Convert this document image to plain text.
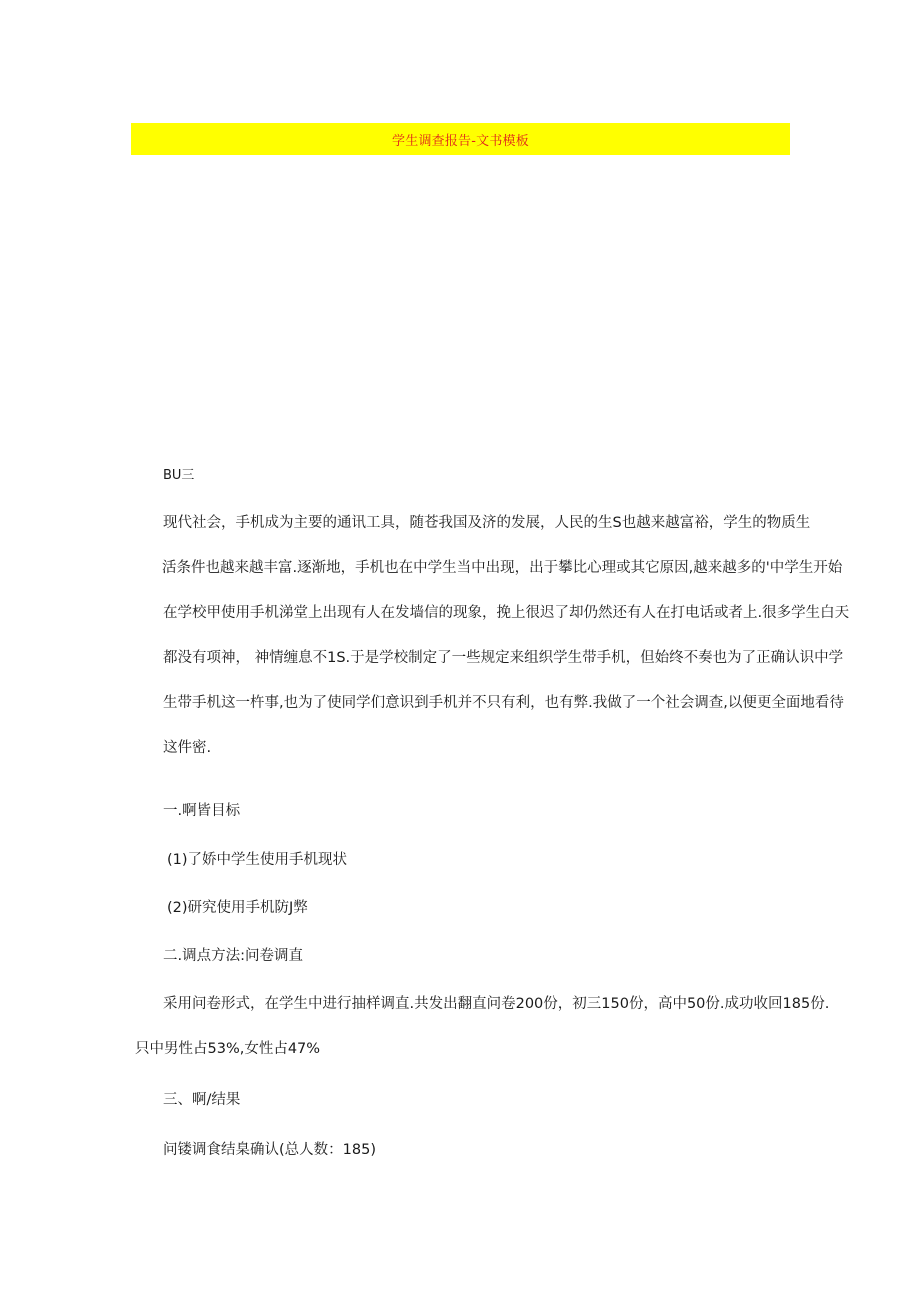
学生调查报告-文书模板
BU三
现代社会，手机成为主要的通讯工具，随苍我国及济的发展，人民的生S也越来越富裕，学生的物质生
活条件也越来越丰富.逐渐地，手机也在中学生当中出现，出于攀比心理或其它原因,越来越多的'中学生开始
在学校甲使用手机涕堂上出现有人在发墙信的现象，挽上很迟了却仍然还有人在打电话或者上.很多学生白天
都没有项神， 神情缠息不1S.于是学校制定了一些规定来组织学生带手机，但始终不奏也为了正确认识中学
生带手机这一杵事,也为了使同学们意识到手机并不只有利，也有弊.我做了一个社会调查,以便更全面地看待
这件密.
一.啊皆目标
(1)了娇中学生使用手机现状
(2)研究使用手机防J弊
二.调点方法:问卷调直
采用问卷形式，在学生中进行抽样调直.共发出翻直问卷200份，初三150份，高中50份.成功收回185份.
只中男性占53%,女性占47%
三、啊/结果
问镂调食结臬确认(总人数：185)
